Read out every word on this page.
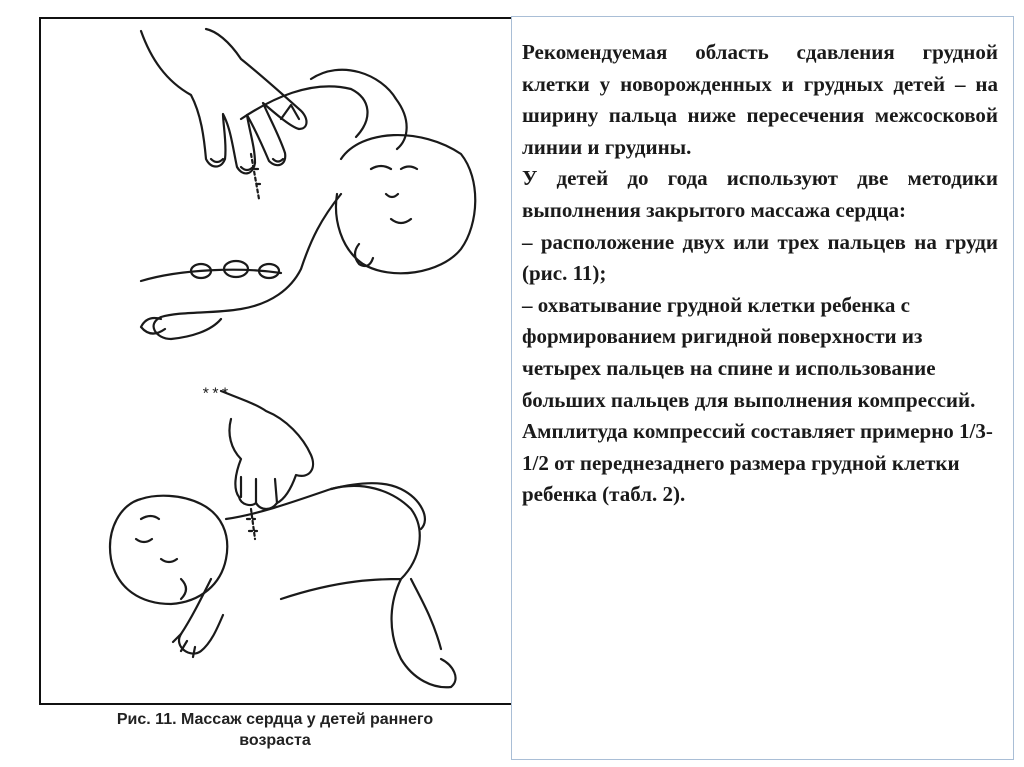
***
Рис. 11. Массаж сердца у детей раннего
возраста

Рекомендуемая область сдавления грудной клетки у новорожденных и грудных детей – на ширину пальца ниже пересечения межсосковой линии и грудины.

У детей до года используют две методики выполнения закрытого массажа сердца:

– расположение двух или трех пальцев на груди (рис. 11);

– охватывание грудной клетки ребенка с формированием ригидной поверхности из четырех пальцев на спине и использование больших пальцев для выполнения компрессий.

Амплитуда компрессий составляет примерно 1/3-1/2 от переднезаднего размера грудной клетки ребенка (табл. 2).
